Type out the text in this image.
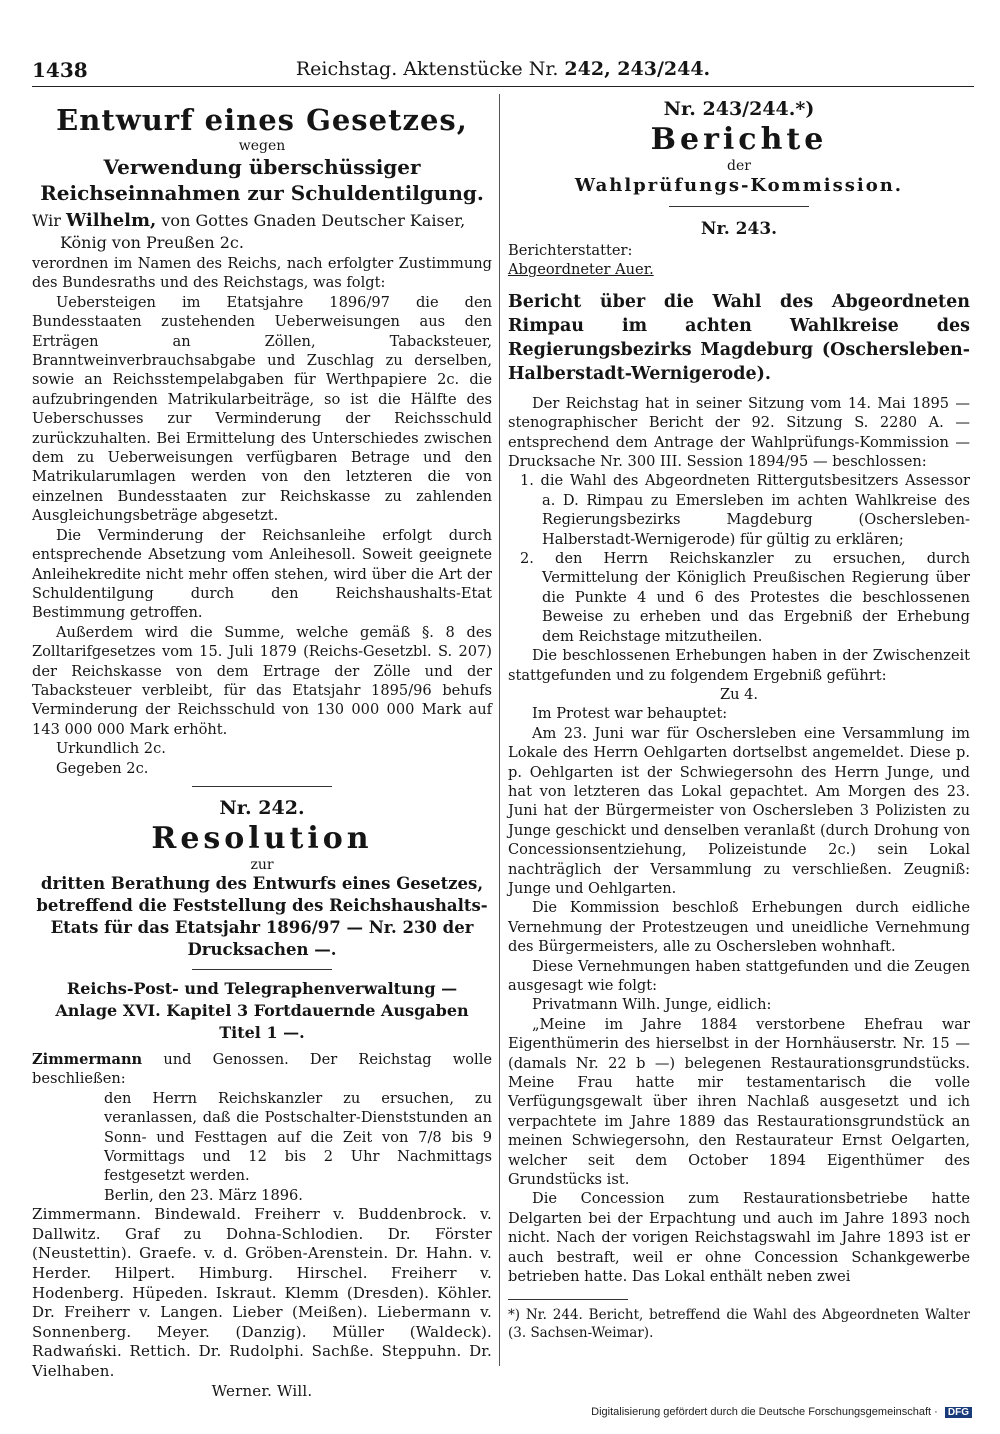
1438	Reichstag. Aktenstücke Nr. 242, 243/244.

Entwurf eines Gesetzes,

wegen

Verwendung überschüssiger Reichseinnahmen zur Schuldentilgung.

Wir Wilhelm, von Gottes Gnaden Deutscher Kaiser,

König von Preußen 2c.

verordnen im Namen des Reichs, nach erfolgter Zustimmung des Bundesraths und des Reichstags, was folgt:

Uebersteigen im Etatsjahre 1896/97 die den Bundesstaaten zustehenden Ueberweisungen aus den Erträgen an Zöllen, Tabacksteuer, Branntweinverbrauchsabgabe und Zuschlag zu derselben, sowie an Reichsstempelabgaben für Werthpapiere 2c. die aufzubringenden Matrikularbeiträge, so ist die Hälfte des Ueberschusses zur Verminderung der Reichsschuld zurückzuhalten. Bei Ermittelung des Unterschiedes zwischen dem zu Ueberweisungen verfügbaren Betrage und den Matrikularumlagen werden von den letzteren die von einzelnen Bundesstaaten zur Reichskasse zu zahlenden Ausgleichungsbeträge abgesetzt.

Die Verminderung der Reichsanleihe erfolgt durch entsprechende Absetzung vom Anleihesoll. Soweit geeignete Anleihekredite nicht mehr offen stehen, wird über die Art der Schuldentilgung durch den Reichshaushalts-Etat Bestimmung getroffen.

Außerdem wird die Summe, welche gemäß §. 8 des Zolltarifgesetzes vom 15. Juli 1879 (Reichs-Gesetzbl. S. 207) der Reichskasse von dem Ertrage der Zölle und der Tabacksteuer verbleibt, für das Etatsjahr 1895/96 behufs Verminderung der Reichsschuld von 130 000 000 Mark auf 143 000 000 Mark erhöht.

Urkundlich 2c.

Gegeben 2c.

Nr. 242.

Resolution

zur

dritten Berathung des Entwurfs eines Gesetzes, betreffend die Feststellung des Reichshaushalts-Etats für das Etatsjahr 1896/97 — Nr. 230 der Drucksachen —.

Reichs-Post- und Telegraphenverwaltung —

Anlage XVI. Kapitel 3 Fortdauernde Ausgaben

Titel 1 —.

Zimmermann und Genossen. Der Reichstag wolle beschließen:

den Herrn Reichskanzler zu ersuchen, zu veranlassen, daß die Postschalter-Dienststunden an Sonn- und Festtagen auf die Zeit von 7/8 bis 9 Vormittags und 12 bis 2 Uhr Nachmittags festgesetzt werden.

Berlin, den 23. März 1896.

Zimmermann. Bindewald. Freiherr v. Buddenbrock. v. Dallwitz. Graf zu Dohna-Schlodien. Dr. Förster (Neustettin). Graefe. v. d. Gröben-Arenstein. Dr. Hahn. v. Herder. Hilpert. Himburg. Hirschel. Freiherr v. Hodenberg. Hüpeden. Iskraut. Klemm (Dresden). Köhler. Dr. Freiherr v. Langen. Lieber (Meißen). Liebermann v. Sonnenberg. Meyer. (Danzig). Müller (Waldeck). Radwański. Rettich. Dr. Rudolphi. Sachße. Steppuhn. Dr. Vielhaben.

Werner. Will.

Nr. 243/244.*)

Berichte

der

Wahlprüfungs-Kommission.

Nr. 243.

Berichterstatter:

Abgeordneter Auer.

Bericht über die Wahl des Abgeordneten Rimpau im achten Wahlkreise des Regierungsbezirks Magdeburg (Oschersleben-Halberstadt-Wernigerode).

Der Reichstag hat in seiner Sitzung vom 14. Mai 1895 — stenographischer Bericht der 92. Sitzung S. 2280 A. — entsprechend dem Antrage der Wahlprüfungs-Kommission — Drucksache Nr. 300 III. Session 1894/95 — beschlossen:

1. die Wahl des Abgeordneten Rittergutsbesitzers Assessor a. D. Rimpau zu Emersleben im achten Wahlkreise des Regierungsbezirks Magdeburg (Oschersleben-Halberstadt-Wernigerode) für gültig zu erklären;

2. den Herrn Reichskanzler zu ersuchen, durch Vermittelung der Königlich Preußischen Regierung über die Punkte 4 und 6 des Protestes die beschlossenen Beweise zu erheben und das Ergebniß der Erhebung dem Reichstage mitzutheilen.

Die beschlossenen Erhebungen haben in der Zwischenzeit stattgefunden und zu folgendem Ergebniß geführt:

Zu 4.

Im Protest war behauptet:

Am 23. Juni war für Oschersleben eine Versammlung im Lokale des Herrn Oehlgarten dortselbst angemeldet. Diese p. p. Oehlgarten ist der Schwiegersohn des Herrn Junge, und hat von letzteren das Lokal gepachtet. Am Morgen des 23. Juni hat der Bürgermeister von Oschersleben 3 Polizisten zu Junge geschickt und denselben veranlaßt (durch Drohung von Concessionsentziehung, Polizeistunde 2c.) sein Lokal nachträglich der Versammlung zu verschließen. Zeugniß: Junge und Oehlgarten.

Die Kommission beschloß Erhebungen durch eidliche Vernehmung der Protestzeugen und uneidliche Vernehmung des Bürgermeisters, alle zu Oschersleben wohnhaft.

Diese Vernehmungen haben stattgefunden und die Zeugen ausgesagt wie folgt:

Privatmann Wilh. Junge, eidlich:

„Meine im Jahre 1884 verstorbene Ehefrau war Eigenthümerin des hierselbst in der Hornhäuserstr. Nr. 15 — (damals Nr. 22 b —) belegenen Restaurationsgrundstücks. Meine Frau hatte mir testamentarisch die volle Verfügungsgewalt über ihren Nachlaß ausgesetzt und ich verpachtete im Jahre 1889 das Restaurationsgrundstück an meinen Schwiegersohn, den Restaurateur Ernst Oelgarten, welcher seit dem October 1894 Eigenthümer des Grundstücks ist.

Die Concession zum Restaurationsbetriebe hatte Delgarten bei der Erpachtung und auch im Jahre 1893 noch nicht. Nach der vorigen Reichstagswahl im Jahre 1893 ist er auch bestraft, weil er ohne Concession Schankgewerbe betrieben hatte. Das Lokal enthält neben zwei

*) Nr. 244. Bericht, betreffend die Wahl des Abgeordneten Walter (3. Sachsen-Weimar).

Digitalisierung gefördert durch die Deutsche Forschungsgemeinschaft · DFG
